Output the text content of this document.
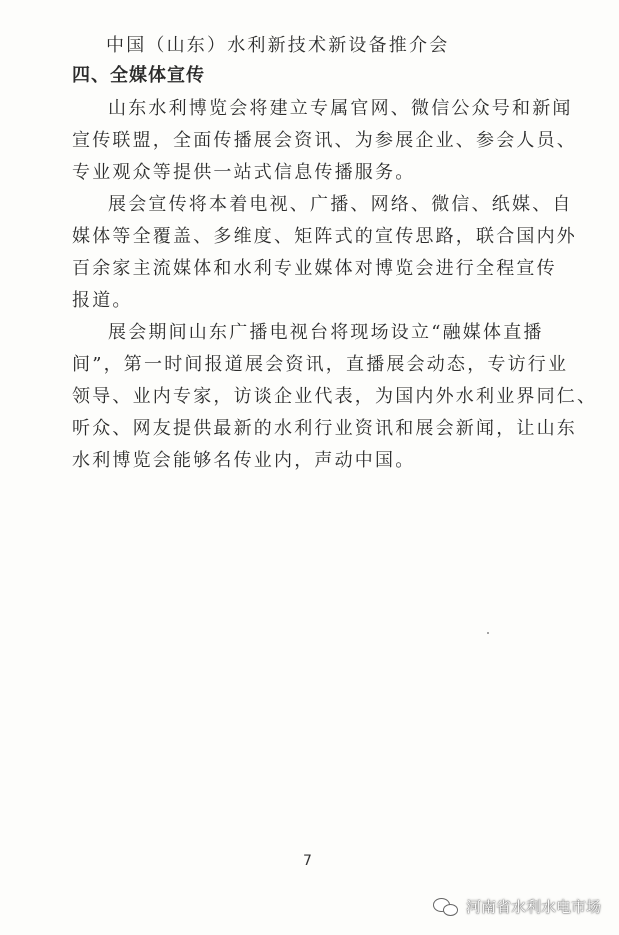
中国（山东）水利新技术新设备推介会
四、全媒体宣传
山东水利博览会将建立专属官网、微信公众号和新闻
宣传联盟，全面传播展会资讯、为参展企业、参会人员、
专业观众等提供一站式信息传播服务。
展会宣传将本着电视、广播、网络、微信、纸媒、自
媒体等全覆盖、多维度、矩阵式的宣传思路，联合国内外
百余家主流媒体和水利专业媒体对博览会进行全程宣传
报道。
展会期间山东广播电视台将现场设立“融媒体直播
间”，第一时间报道展会资讯，直播展会动态，专访行业
领导、业内专家，访谈企业代表，为国内外水利业界同仁、
听众、网友提供最新的水利行业资讯和展会新闻，让山东
水利博览会能够名传业内，声动中国。
7
河南省水利水电市场
